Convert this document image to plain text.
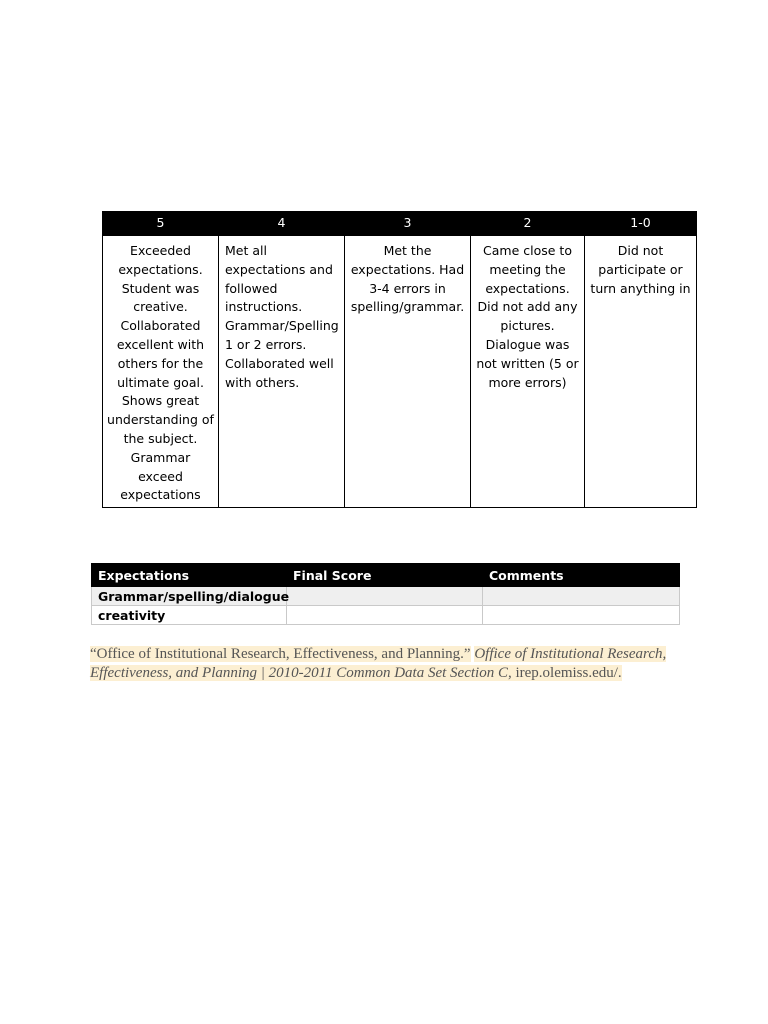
5	4	3	2	1-0
Exceeded expectations. Student was creative. Collaborated excellent with others for the ultimate goal. Shows great understanding of the subject. Grammar exceed expectations	Met all expectations and followed instructions. Grammar/Spelling 1 or 2 errors. Collaborated well with others.	Met the expectations. Had 3-4 errors in spelling/grammar.	Came close to meeting the expectations. Did not add any pictures. Dialogue was not written (5 or more errors)	Did not participate or turn anything in
Expectations	Final Score	Comments
Grammar/spelling/dialogue		
creativity		
“Office of Institutional Research, Effectiveness, and Planning.” Office of Institutional Research, Effectiveness, and Planning | 2010-2011 Common Data Set Section C, irep.olemiss.edu/.
